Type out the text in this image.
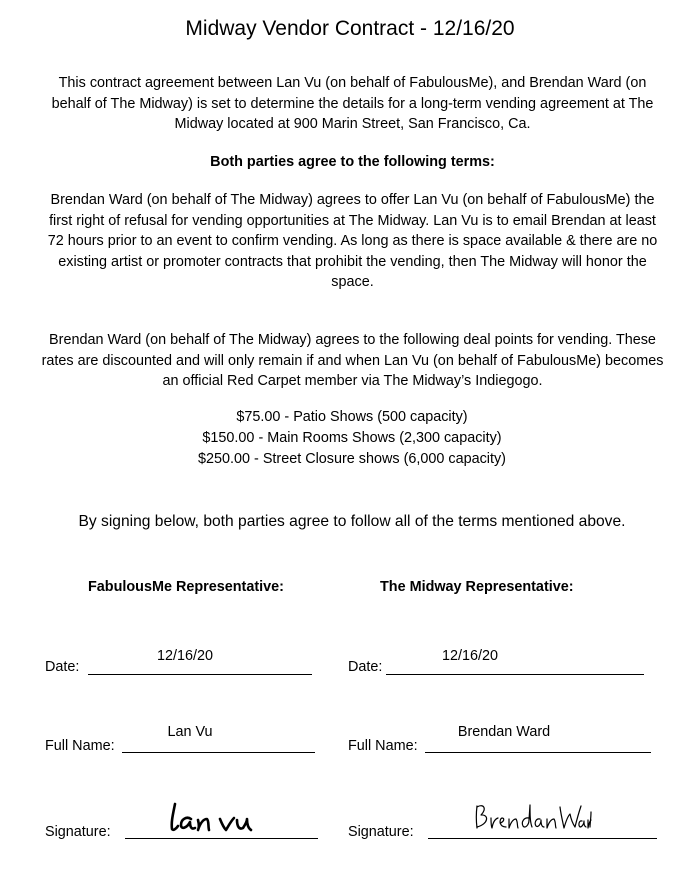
Midway Vendor Contract - 12/16/20
This contract agreement between Lan Vu (on behalf of FabulousMe), and Brendan Ward (on behalf of The Midway) is set to determine the details for a long-term vending agreement at The Midway located at 900 Marin Street, San Francisco, Ca.
Both parties agree to the following terms:
Brendan Ward (on behalf of The Midway) agrees to offer Lan Vu (on behalf of FabulousMe) the first right of refusal for vending opportunities at The Midway. Lan Vu is to email Brendan at least 72 hours prior to an event to confirm vending. As long as there is space available & there are no existing artist or promoter contracts that prohibit the vending, then The Midway will honor the space.
Brendan Ward (on behalf of The Midway) agrees to the following deal points for vending. These rates are discounted and will only remain if and when Lan Vu (on behalf of FabulousMe) becomes an official Red Carpet member via The Midway’s Indiegogo.
$75.00 - Patio Shows (500 capacity)
$150.00 - Main Rooms Shows (2,300 capacity)
$250.00 - Street Closure shows (6,000 capacity)
By signing below, both parties agree to follow all of the terms mentioned above.
FabulousMe Representative:
Date:
12/16/20
Full Name:
Lan Vu
Signature:
The Midway Representative:
Date:
12/16/20
Full Name:
Brendan Ward
Signature:
